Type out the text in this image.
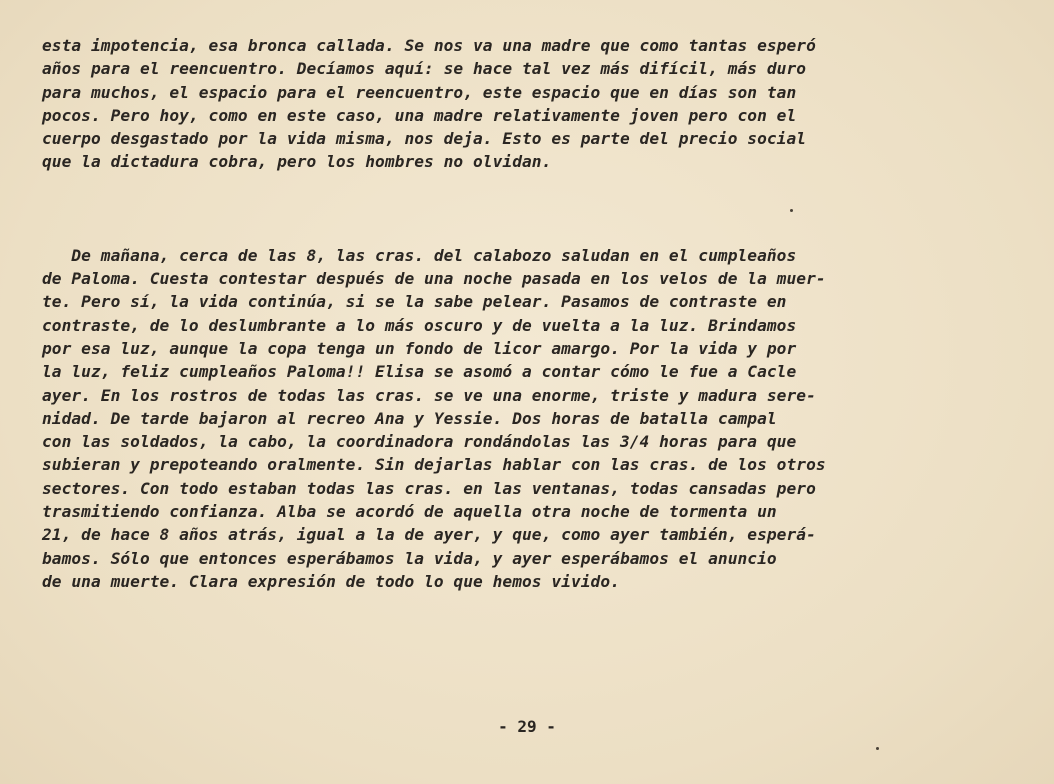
esta impotencia, esa bronca callada. Se nos va una madre que como tantas esperó
años para el reencuentro. Decíamos aquí: se hace tal vez más difícil, más duro
para muchos, el espacio para el reencuentro, este espacio que en días son tan
pocos. Pero hoy, como en este caso, una madre relativamente joven pero con el
cuerpo desgastado por la vida misma, nos deja. Esto es parte del precio social
que la dictadura cobra, pero los hombres no olvidan.
De mañana, cerca de las 8, las cras. del calabozo saludan en el cumpleaños
de Paloma. Cuesta contestar después de una noche pasada en los velos de la muer-
te. Pero sí, la vida continúa, si se la sabe pelear. Pasamos de contraste en
contraste, de lo deslumbrante a lo más oscuro y de vuelta a la luz. Brindamos
por esa luz, aunque la copa tenga un fondo de licor amargo. Por la vida y por
la luz, feliz cumpleaños Paloma!! Elisa se asomó a contar cómo le fue a Cacle
ayer. En los rostros de todas las cras. se ve una enorme, triste y madura sere-
nidad. De tarde bajaron al recreo Ana y Yessie. Dos horas de batalla campal
con las soldados, la cabo, la coordinadora rondándolas las 3/4 horas para que
subieran y prepoteando oralmente. Sin dejarlas hablar con las cras. de los otros
sectores. Con todo estaban todas las cras. en las ventanas, todas cansadas pero
trasmitiendo confianza. Alba se acordó de aquella otra noche de tormenta un
21, de hace 8 años atrás, igual a la de ayer, y que, como ayer también, esperá-
bamos. Sólo que entonces esperábamos la vida, y ayer esperábamos el anuncio
de una muerte. Clara expresión de todo lo que hemos vivido.
- 29 -
